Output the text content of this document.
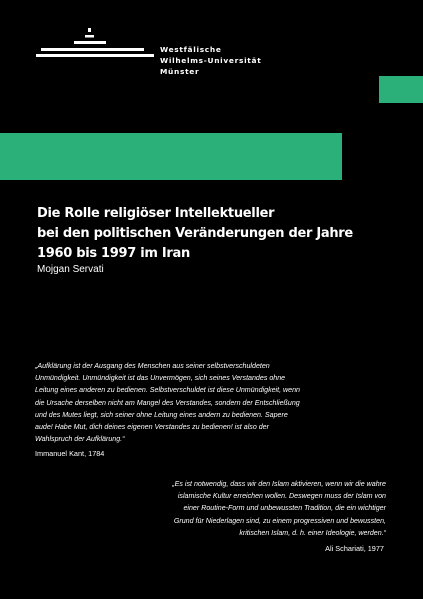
Westfälische
Wilhelms-Universität
Münster
Die Rolle religiöser Intellektueller
bei den politischen Veränderungen der Jahre
1960 bis 1997 im Iran
Mojgan Servati
„Aufklärung ist der Ausgang des Menschen aus seiner selbstverschuldeten
Unmündigkeit. Unmündigkeit ist das Unvermögen, sich seines Verstandes ohne
Leitung eines anderen zu bedienen. Selbstverschuldet ist diese Unmündigkeit, wenn
die Ursache derselben nicht am Mangel des Verstandes, sondern der Entschließung
und des Mutes liegt, sich seiner ohne Leitung eines andern zu bedienen. Sapere
aude! Habe Mut, dich deines eigenen Verstandes zu bedienen! ist also der
Wahlspruch der Aufklärung.“
Immanuel Kant, 1784
„Es ist notwendig, dass wir den Islam aktivieren, wenn wir die wahre
islamische Kultur erreichen wollen. Deswegen muss der Islam von
einer Routine-Form und unbewussten Tradition, die ein wichtiger
Grund für Niederlagen sind, zu einem progressiven und bewussten,
kritischen Islam, d. h. einer Ideologie, werden.“
Ali Schariati, 1977
